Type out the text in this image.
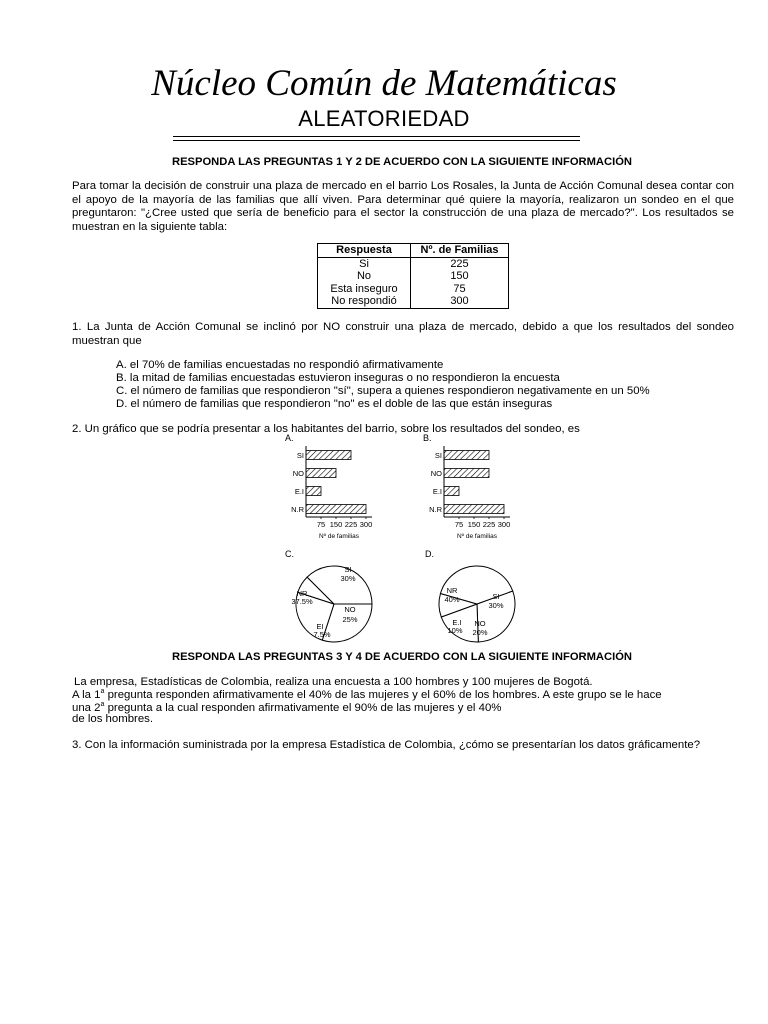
Núcleo Común de Matemáticas
ALEATORIEDAD
RESPONDA LAS PREGUNTAS 1 Y 2 DE ACUERDO CON LA SIGUIENTE INFORMACIÓN

Para tomar la decisión de construir una plaza de mercado en el barrio Los Rosales, la Junta de Acción Comunal desea contar con el apoyo de la mayoría de las familias que allí viven. Para determinar qué quiere la mayoría, realizaron un sondeo en el que preguntaron: "¿Cree usted que sería de beneficio para el sector la construcción de una plaza de mercado?". Los resultados se muestran en la siguiente tabla:

Respuesta	Nº. de Familias
Si	225
No	150
Esta inseguro	75
No respondió	300

1. La Junta de Acción Comunal se inclinó por NO construir una plaza de mercado, debido a que los resultados del sondeo muestran que

A. el 70% de familias encuestadas no respondió afirmativamente
B. la mitad de familias encuestadas estuvieron inseguras o no respondieron la encuesta
C. el número de familias que respondieron "sí", supera a quienes respondieron negativamente en un 50%
D. el número de familias que respondieron "no" es el doble de las que están inseguras
2. Un gráfico que se podría presentar a los habitantes del barrio, sobre los resultados del sondeo, es
A.
SI
NO
E.I
N.R
75 150 225 300
Nº de familias
B.
SI
NO
E.I
N.R
75 150 225 300
Nº de familias
C.
SI
30%
NO
25%
EI
7.5%
NR
37.5%
D.
SI
30%
NO
20%
E.I
10%
NR
40%
RESPONDA LAS PREGUNTAS 3 Y 4 DE ACUERDO CON LA SIGUIENTE INFORMACIÓN
La empresa, Estadísticas de Colombia, realiza una encuesta a 100 hombres y 100 mujeres de Bogotá.
A la 1$^a$ pregunta responden afirmativamente el 40% de las mujeres y el 60% de los hombres. A este grupo se le hace
una 2$^a$ pregunta a la cual responden afirmativamente el 90% de las mujeres y el 40%
de los hombres.

3. Con la información suministrada por la empresa Estadística de Colombia, ¿cómo se presentarían los datos gráficamente?
